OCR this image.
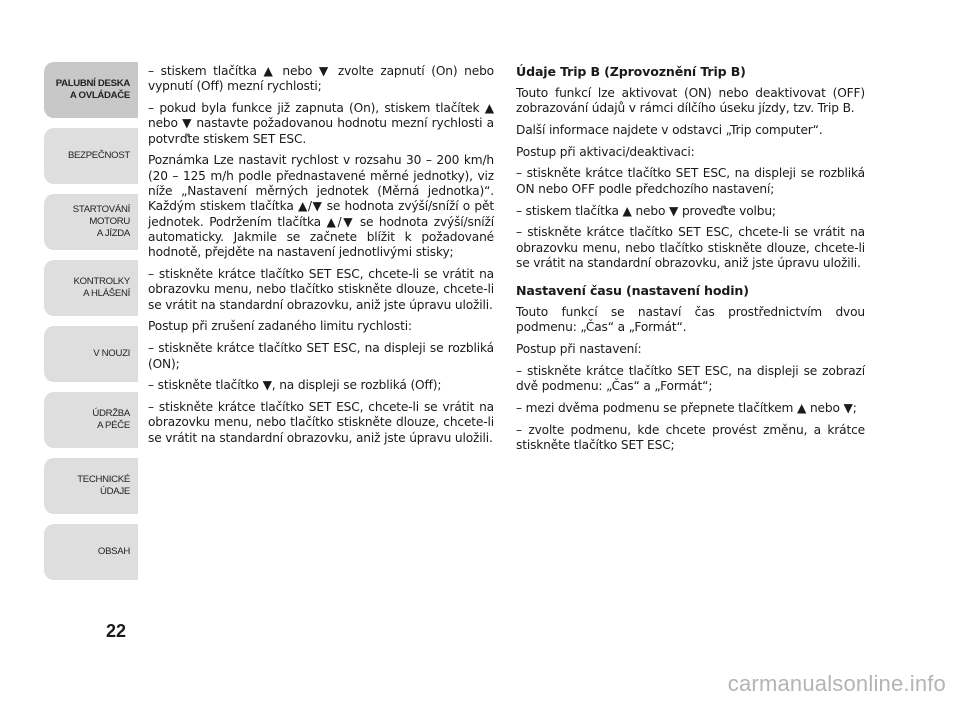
PALUBNÍ DESKA
A OVLÁDAČE
BEZPEČNOST
STARTOVÁNÍ
MOTORU
A JÍZDA
KONTROLKY
A HLÁŠENÍ
V NOUZI
ÚDRŽBA
A PÉČE
TECHNICKÉ
ÚDAJE
OBSAH
22

– stiskem tlačítka ▲ nebo ▼ zvolte zapnutí (On) nebo vypnutí (Off) mezní rychlosti;

– pokud byla funkce již zapnuta (On), stiskem tlačítek ▲ nebo ▼ nastavte požadovanou hodnotu mezní rychlosti a potvrďte stiskem SET ESC.

Poznámka Lze nastavit rychlost v rozsahu 30 – 200 km/h (20 – 125 m/h podle přednastavené měrné jednotky), viz níže „Nastavení měrných jednotek (Měrná jednotka)“. Každým stiskem tlačítka ▲/▼ se hodnota zvýší/sníží o pět jednotek. Podržením tlačítka ▲/▼ se hodnota zvýší/sníží automaticky. Jakmile se začnete blížit k požadované hodnotě, přejděte na nastavení jednotlivými stisky;

– stiskněte krátce tlačítko SET ESC, chcete-li se vrátit na obrazovku menu, nebo tlačítko stiskněte dlouze, chcete-li se vrátit na standardní obrazovku, aniž jste úpravu uložili.

Postup při zrušení zadaného limitu rychlosti:

– stiskněte krátce tlačítko SET ESC, na displeji se rozbliká (ON);

– stiskněte tlačítko ▼, na displeji se rozbliká (Off);

– stiskněte krátce tlačítko SET ESC, chcete-li se vrátit na obrazovku menu, nebo tlačítko stiskněte dlouze, chcete-li se vrátit na standardní obrazovku, aniž jste úpravu uložili.

Údaje Trip B (Zprovoznění Trip B)

Touto funkcí lze aktivovat (ON) nebo deaktivovat (OFF) zobrazování údajů v rámci dílčího úseku jízdy, tzv. Trip B.

Další informace najdete v odstavci „Trip computer“.

Postup při aktivaci/deaktivaci:

– stiskněte krátce tlačítko SET ESC, na displeji se rozbliká ON nebo OFF podle předchozího nastavení;

– stiskem tlačítka ▲ nebo ▼ proveďte volbu;

– stiskněte krátce tlačítko SET ESC, chcete-li se vrátit na obrazovku menu, nebo tlačítko stiskněte dlouze, chcete-li se vrátit na standardní obrazovku, aniž jste úpravu uložili.

Nastavení času (nastavení hodin)

Touto funkcí se nastaví čas prostřednictvím dvou podmenu: „Čas“ a „Formát“.

Postup při nastavení:

– stiskněte krátce tlačítko SET ESC, na displeji se zobrazí dvě podmenu: „Čas“ a „Formát“;

– mezi dvěma podmenu se přepnete tlačítkem ▲ nebo ▼;

– zvolte podmenu, kde chcete provést změnu, a krátce stiskněte tlačítko SET ESC;

carmanualsonline.info
